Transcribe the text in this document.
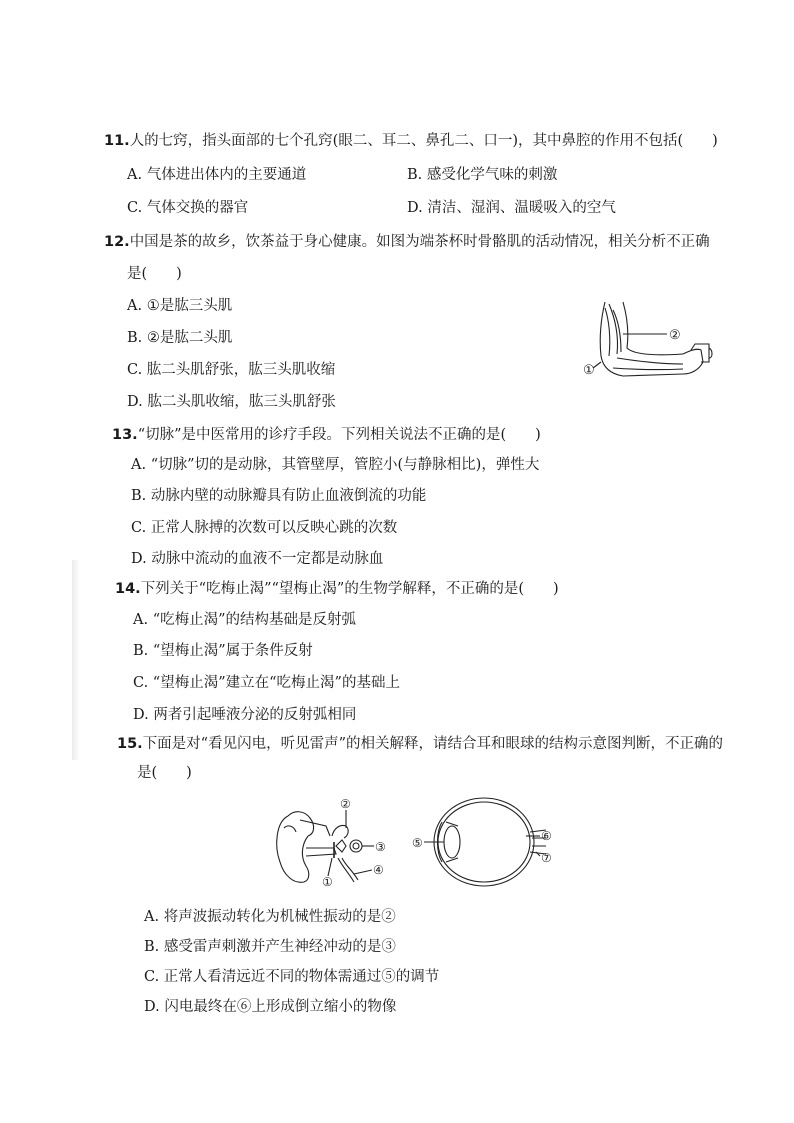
11.人的七窍，指头面部的七个孔窍(眼二、耳二、鼻孔二、口一)，其中鼻腔的作用不包括(　　)
A. 气体进出体内的主要通道	B. 感受化学气味的刺激
C. 气体交换的器官	D. 清洁、湿润、温暖吸入的空气
12.中国是茶的故乡，饮茶益于身心健康。如图为端茶杯时骨骼肌的活动情况，相关分析不正确
是(　　)
A. ①是肱三头肌
B. ②是肱二头肌
C. 肱二头肌舒张，肱三头肌收缩
D. 肱二头肌收缩，肱三头肌舒张
②
①
13.“切脉”是中医常用的诊疗手段。下列相关说法不正确的是(　　)
A. “切脉”切的是动脉，其管壁厚，管腔小(与静脉相比)，弹性大
B. 动脉内壁的动脉瓣具有防止血液倒流的功能
C. 正常人脉搏的次数可以反映心跳的次数
D. 动脉中流动的血液不一定都是动脉血
14.下列关于“吃梅止渴”“望梅止渴”的生物学解释，不正确的是(　　)
A. “吃梅止渴”的结构基础是反射弧
B. “望梅止渴”属于条件反射
C. “望梅止渴”建立在“吃梅止渴”的基础上
D. 两者引起唾液分泌的反射弧相同
15.下面是对“看见闪电，听见雷声”的相关解释，请结合耳和眼球的结构示意图判断，不正确的
是(　　)
②
③
④
①
⑤	⑥
⑦
A. 将声波振动转化为机械性振动的是②
B. 感受雷声刺激并产生神经冲动的是③
C. 正常人看清远近不同的物体需通过⑤的调节
D. 闪电最终在⑥上形成倒立缩小的物像
